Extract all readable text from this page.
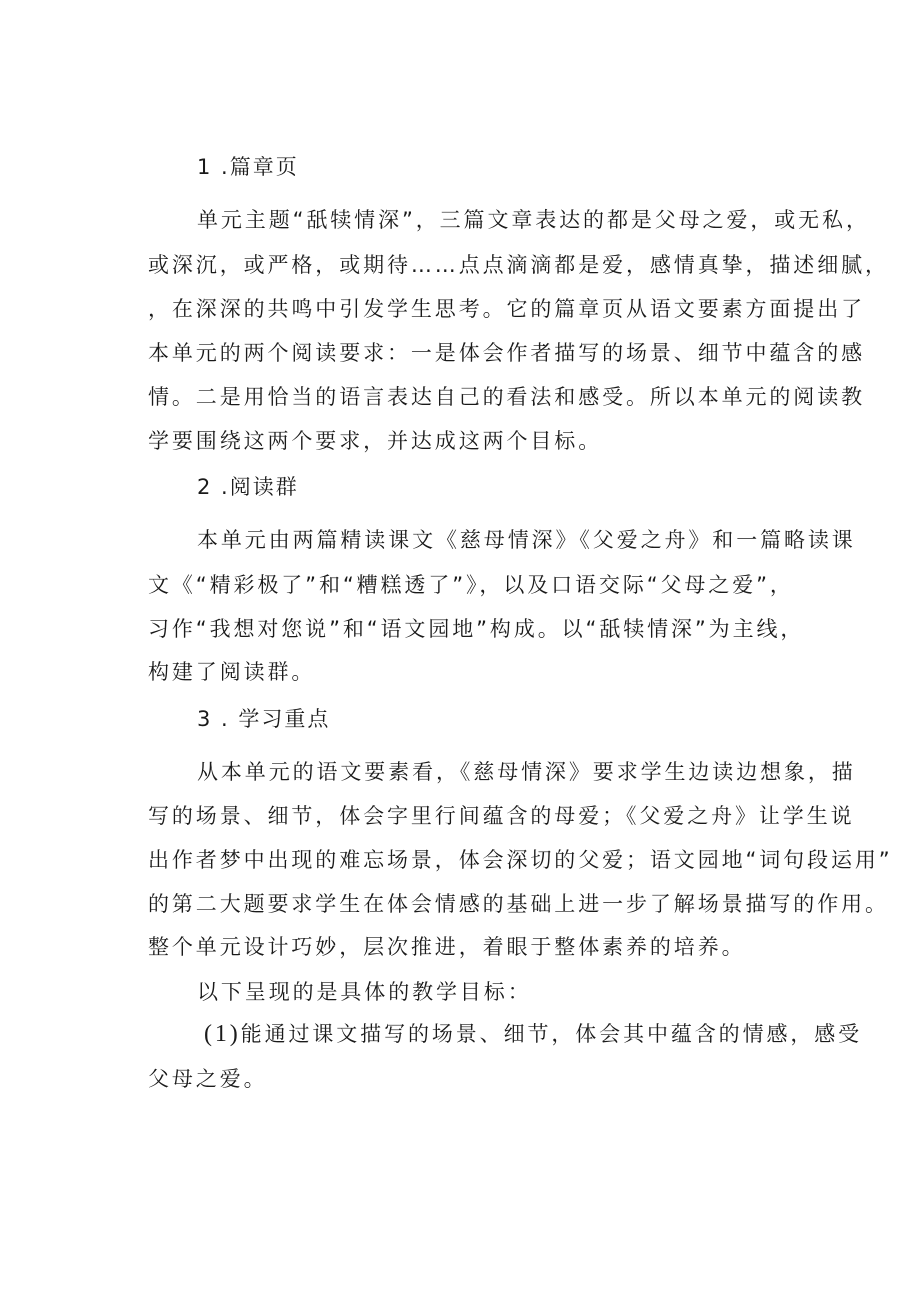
1 .篇章页
单元主题“舐犊情深”，三篇文章表达的都是父母之爱，或无私，
或深沉，或严格，或期待……点点滴滴都是爱，感情真挚，描述细腻，
，在深深的共鸣中引发学生思考。它的篇章页从语文要素方面提出了
本单元的两个阅读要求：一是体会作者描写的场景、细节中蕴含的感
情。二是用恰当的语言表达自己的看法和感受。所以本单元的阅读教
学要围绕这两个要求，并达成这两个目标。
2 .阅读群
本单元由两篇精读课文《慈母情深》《父爱之舟》和一篇略读课
文《“精彩极了”和“糟糕透了”》，以及口语交际“父母之爱”，
习作“我想对您说”和“语文园地”构成。以“舐犊情深”为主线，
构建了阅读群。
3 . 学习重点
从本单元的语文要素看，《慈母情深》要求学生边读边想象，描
写的场景、细节，体会字里行间蕴含的母爱；《父爱之舟》让学生说
出作者梦中出现的难忘场景，体会深切的父爱；语文园地“词句段运用”
的第二大题要求学生在体会情感的基础上进一步了解场景描写的作用。
整个单元设计巧妙，层次推进，着眼于整体素养的培养。
以下呈现的是具体的教学目标：
(1)能通过课文描写的场景、细节，体会其中蕴含的情感，感受
父母之爱。
